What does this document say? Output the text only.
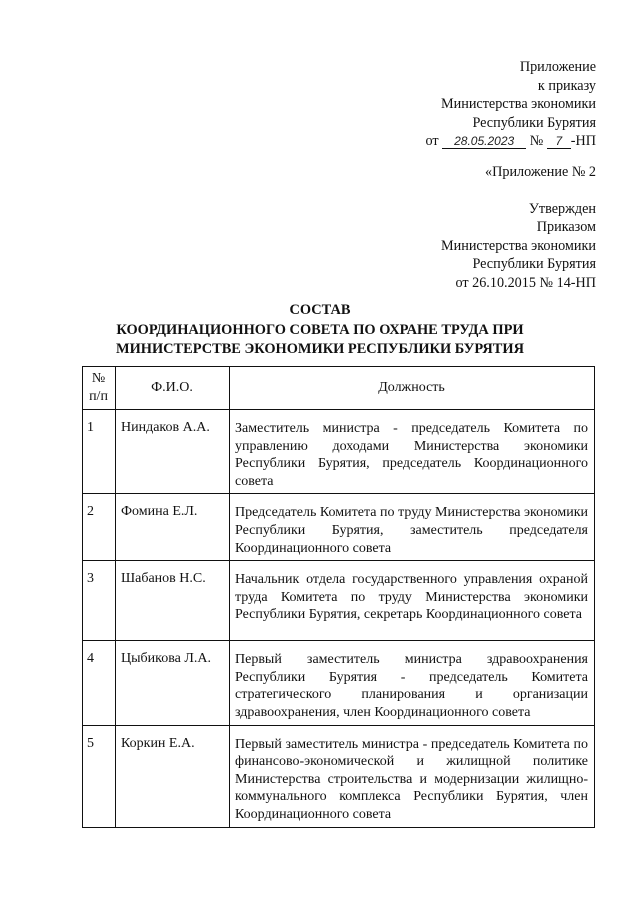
Приложение
к приказу
Министерства экономики
Республики Бурятия
от 28.05.2023 № 7 -НП
«Приложение № 2
Утвержден
Приказом
Министерства экономики
Республики Бурятия
от 26.10.2015 № 14-НП
СОСТАВ
КООРДИНАЦИОННОГО СОВЕТА ПО ОХРАНЕ ТРУДА ПРИ
МИНИСТЕРСТВЕ ЭКОНОМИКИ РЕСПУБЛИКИ БУРЯТИЯ
№
п/п	Ф.И.О.	Должность
1	Ниндаков А.А.	Заместитель министра - председатель Комитета по управлению доходами Министерства экономики Республики Бурятия, председатель Координационного совета
2	Фомина Е.Л.	Председатель Комитета по труду Министерства экономики Республики Бурятия, заместитель председателя Координационного совета
3	Шабанов Н.С.	Начальник отдела государственного управления охраной труда Комитета по труду Министерства экономики Республики Бурятия, секретарь Координационного совета
4	Цыбикова Л.А.	Первый заместитель министра здравоохранения Республики Бурятия - председатель Комитета стратегического планирования и организации здравоохранения, член Координационного совета
5	Коркин Е.А.	Первый заместитель министра - председатель Комитета по финансово-экономической и жилищной политике Министерства строительства и модернизации жилищно-коммунального комплекса Республики Бурятия, член Координационного совета
